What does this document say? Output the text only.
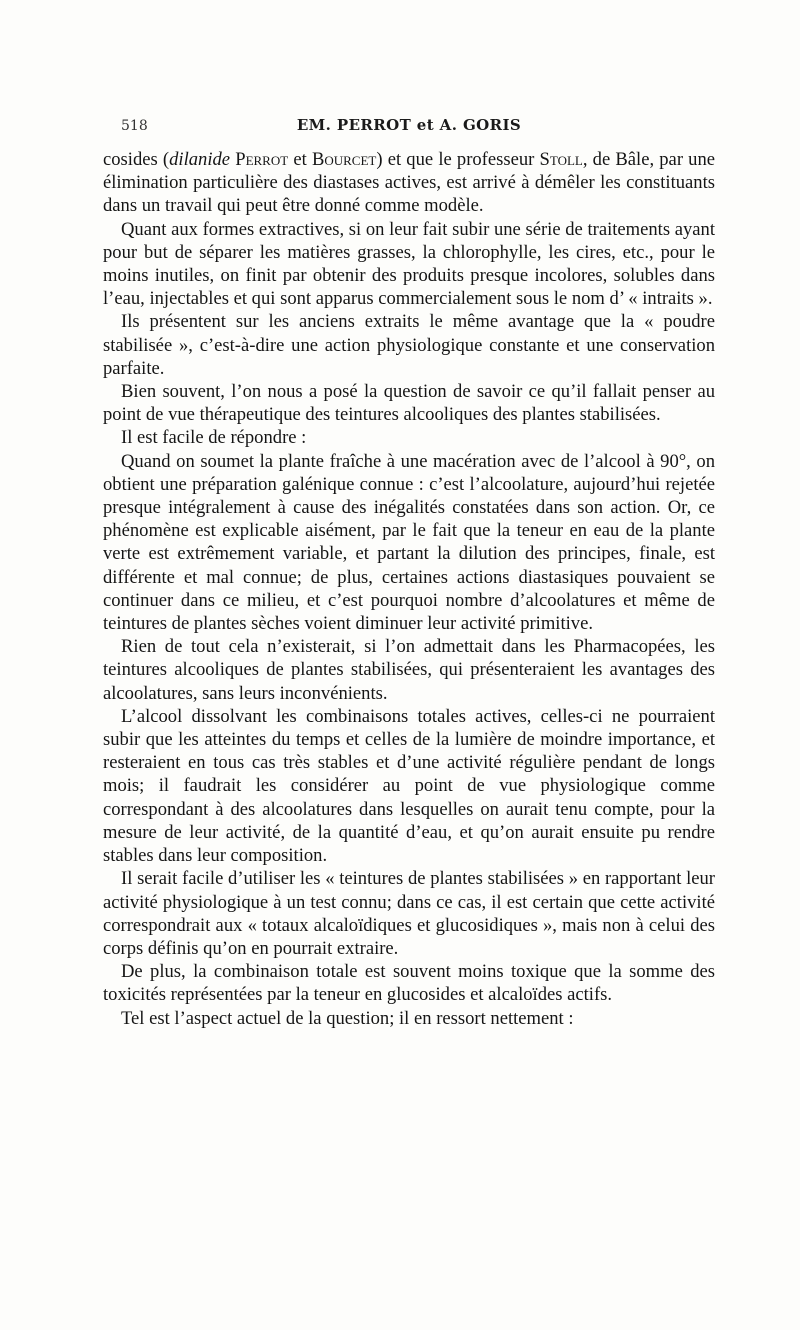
518	EM. PERROT et A. GORIS

cosides (dilanide Perrot et Bourcet) et que le professeur Stoll, de Bâle, par une élimination particulière des diastases actives, est arrivé à démêler les constituants dans un travail qui peut être donné comme modèle.

Quant aux formes extractives, si on leur fait subir une série de traitements ayant pour but de séparer les matières grasses, la chlorophylle, les cires, etc., pour le moins inutiles, on finit par obtenir des produits presque incolores, solubles dans l’eau, injectables et qui sont apparus commercialement sous le nom d’ « intraits ».

Ils présentent sur les anciens extraits le même avantage que la « poudre stabilisée », c’est-à-dire une action physiologique constante et une conservation parfaite.

Bien souvent, l’on nous a posé la question de savoir ce qu’il fallait penser au point de vue thérapeutique des teintures alcooliques des plantes stabilisées.

Il est facile de répondre :

Quand on soumet la plante fraîche à une macération avec de l’alcool à 90°, on obtient une préparation galénique connue : c’est l’alcoolature, aujourd’hui rejetée presque intégralement à cause des inégalités constatées dans son action. Or, ce phénomène est explicable aisément, par le fait que la teneur en eau de la plante verte est extrêmement variable, et partant la dilution des principes, finale, est différente et mal connue; de plus, certaines actions diastasiques pouvaient se continuer dans ce milieu, et c’est pourquoi nombre d’alcoolatures et même de teintures de plantes sèches voient diminuer leur activité primitive.

Rien de tout cela n’existerait, si l’on admettait dans les Pharmacopées, les teintures alcooliques de plantes stabilisées, qui présenteraient les avantages des alcoolatures, sans leurs inconvénients.

L’alcool dissolvant les combinaisons totales actives, celles-ci ne pourraient subir que les atteintes du temps et celles de la lumière de moindre importance, et resteraient en tous cas très stables et d’une activité régulière pendant de longs mois; il faudrait les considérer au point de vue physiologique comme correspondant à des alcoolatures dans lesquelles on aurait tenu compte, pour la mesure de leur activité, de la quantité d’eau, et qu’on aurait ensuite pu rendre stables dans leur composition.

Il serait facile d’utiliser les « teintures de plantes stabilisées » en rapportant leur activité physiologique à un test connu; dans ce cas, il est certain que cette activité correspondrait aux « totaux alcaloïdiques et glucosidiques », mais non à celui des corps définis qu’on en pourrait extraire.

De plus, la combinaison totale est souvent moins toxique que la somme des toxicités représentées par la teneur en glucosides et alcaloïdes actifs.

Tel est l’aspect actuel de la question; il en ressort nettement :
